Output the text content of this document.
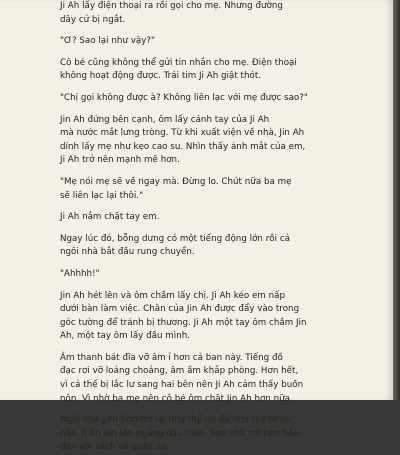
Ji Ah lấy điện thoại ra rồi gọi cho mẹ. Nhưng đường
dây cứ bị ngắt.
"Ơ? Sao lại như vậy?"
Cô bé cũng không thể gửi tin nhắn cho mẹ. Điện thoại
không hoạt động được. Trái tim Ji Ah giật thót.
"Chị gọi không được à? Không liên lạc với mẹ được sao?"
Jin Ah đứng bên cạnh, ôm lấy cánh tay của Ji Ah
mà nước mắt lưng tròng. Từ khi xuất viện về nhà, Jin Ah
dính lấy mẹ như kẹo cao su. Nhìn thấy ánh mắt của em,
Ji Ah trở nên mạnh mẽ hơn.
"Mẹ nói mẹ sẽ về ngay mà. Đừng lo. Chút nữa ba mẹ
sẽ liên lạc lại thôi."
Ji Ah nắm chặt tay em.
Ngay lúc đó, bỗng dưng có một tiếng động lớn rồi cả
ngôi nhà bắt đầu rung chuyển.
"Ahhhh!"
Jin Ah hét lên và ôm chầm lấy chị. Ji Ah kéo em nấp
dưới bàn làm việc. Chân của Jin Ah được đẩy vào trong
góc tường để tránh bị thương. Ji Ah một tay ôm chầm Jin
Ah, một tay ôm lấy đầu mình.
Âm thanh bát đĩa vỡ âm ỉ hơn cả ban này. Tiếng đồ
đạc rơi vỡ loảng choảng, âm ầm khắp phòng. Hơn hết,
vì cả thế bị lắc lư sang hai bên nên Ji Ah cảm thấy buồn
nôn. Vì nhờ ba mẹ nên cô bé ôm chặt Jin Ah hơn nữa.
Ngôi nhà yên tĩnh trở lại như thể nó đã như thế từ lúc
nào. Ji Ah len lén ngẩng đầu nhìn. Sàn nhà trở nên hỗn
độn với sách và quần áo.
